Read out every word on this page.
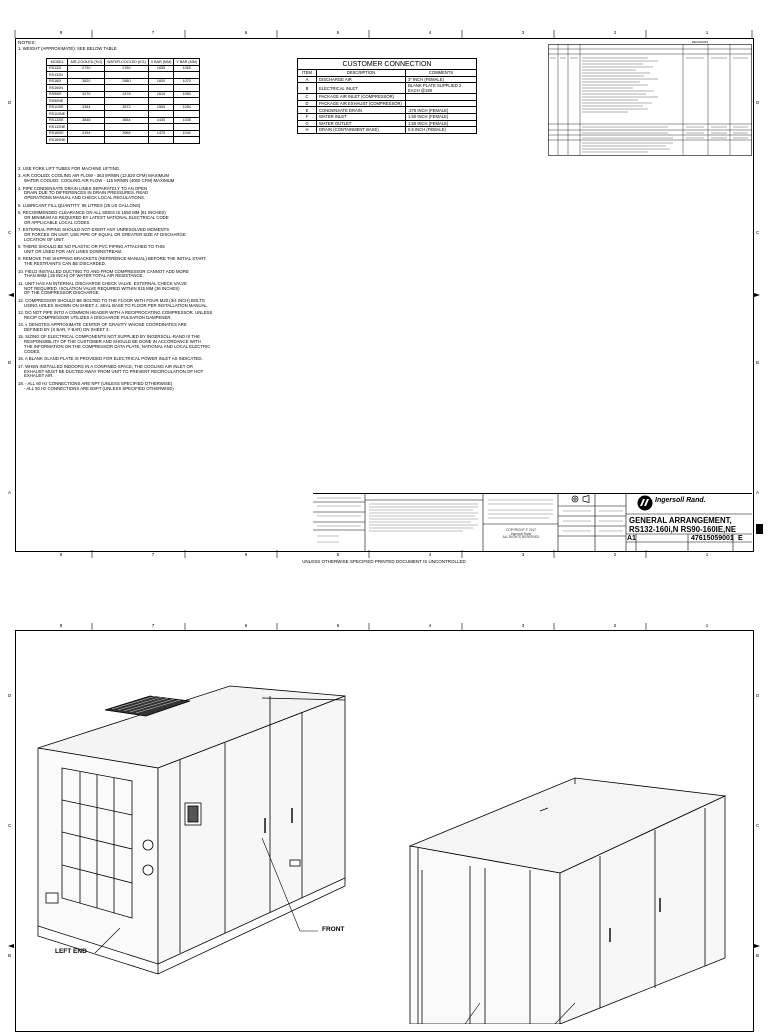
8	7	6	5	4	3	2	1
8	7	6	5	4	3	2	1
D
C
B
A
D
C
B
A
NOTES:
1. WEIGHT (APPROXIMATE): SEE BELOW TABLE
MODEL	AIR-COOLED (KG)	WATER-COOLED (KG)	X BAR (MM)	Y BAR (MM)
RS132i	2730	2780	1655	1065
RS132N				
RS160i	3820	2880	1600	1070
RS160N				
RS90IE	3270	2478	1610	1060
RS90NE				
RS110IE	3384	3572	1565	1054
RS110NE				
RS132IE	3846	3654	1430	1035
RS132NE				
RS160IE	4194	3966	1475	1040
RS160NE				
2. USE FORK LIFT TUBES FOR MACHINE LIFTING.
3. AIR COOLED: COOLING AIR FLOW - 363 M³/MIN (12,820 CFM) MAXIMUM
WATER COOLED: COOLING AIR FLOW - 115 M³/MIN (4000 CFM) MAXIMUM
4. PIPE CONDENSATE DRAIN LINES SEPARATELY TO AN OPEN
DRAIN DUE TO DIFFERENCES IN DRAIN PRESSURES. READ
OPERATIONS MANUAL AND CHECK LOCAL REGULATIONS.
5. LUBRICANT FILL QUANTITY: 95 LITRES (25 US GALLONS)
6. RECOMMENDED CLEARANCE ON ALL SIDES IS 1550 MM (61 INCHES)
OR MINIMUM AS REQUIRED BY LATEST NATIONAL ELECTRICAL CODE
OR APPLICABLE LOCAL CODES.
7. EXTERNAL PIPING SHOULD NOT EXERT ANY UNRESOLVED MOMENTS
OR FORCES ON UNIT. USE PIPE OF EQUAL OR GREATER SIZE AT DISCHARGE
LOCATION OF UNIT.
8. THERE SHOULD BE NO PLASTIC OR PVC PIPING ATTACHED TO THIS
UNIT OR USED FOR ANY LINES DOWNSTREAM.
9. REMOVE THE SHIPPING BRACKETS (REFERENCE MANUAL) BEFORE THE INITIAL START.
THE RESTRAINTS CAN BE DISCARDED.
10. FIELD INSTALLED DUCTING TO AND FROM COMPRESSOR CANNOT ADD MORE
THAN 6MM (.25 INCH) OF WATER TOTAL AIR RESISTANCE.
11. UNIT HAS AN INTERNAL DISCHARGE CHECK VALVE. EXTERNAL CHECK VALVE
NOT REQUIRED. ISOLATION VALVE REQUIRED WITHIN 915 MM (36 INCHES)
OF THE COMPRESSOR DISCHARGE.
12. COMPRESSOR SHOULD BE BOLTED TO THE FLOOR WITH FOUR M20 (3/4 INCH) BOLTS
USING HOLES SHOWN ON SHEET 4. SEAL BASE TO FLOOR PER INSTALLATION MANUAL.
13. DO NOT PIPE INTO A COMMON HEADER WITH A RECIPROCATING COMPRESSOR. UNLESS
RECIP COMPRESSOR UTILIZES A DISCHARGE PULSATION DAMPENER.
14. ◐ DENOTES APPROXIMATE CENTER OF GRAVITY WHOSE COORDINATES ARE
DEFINED BY (X BAR, Y BAR) ON SHEET 3.
15. SIZING OF ELECTRICAL COMPONENTS NOT SUPPLIED BY INGERSOLL-RAND IS THE
RESPONSIBILITY OF THE CUSTOMER AND SHOULD BE DONE IN ACCORDANCE WITH
THE INFORMATION ON THE COMPRESSOR DATA PLATE, NATIONAL AND LOCAL ELECTRIC
CODES.
16. A BLANK GLAND PLATE IS PROVIDED FOR ELECTRICAL POWER INLET AS INDICATED.
17. WHEN INSTALLED INDOORS IN A CONFINED SPACE, THE COOLING AIR INLET OR
EXHAUST MUST BE DUCTED AWAY FROM UNIT TO PREVENT RECIRCULATION OF HOT
EXHAUST AIR.
18. - ALL 60 Hz CONNECTIONS ARE NPT (UNLESS SPECIFIED OTHERWISE)
- ALL 50 Hz CONNECTIONS ARE BSPT (UNLESS SPECIFIED OTHERWISE)
CUSTOMER CONNECTION		
ITEM	DESCRIPTION	COMMENTS
A	DISCHARGE AIR	3" INCH (FEMALE)
B	ELECTRICAL INLET	BLANK PLATE SUPPLIED 2 EACH @180
C	PACKAGE AIR INLET (COMPRESSOR)	
D	PACKAGE AIR EXHAUST (COMPRESSOR)	
E	CONDENSATE DRAIN	.375 INCH (FEMALE)
F	WATER INLET	1.50 INCH (FEMALE)
G	WATER OUTLET	1.50 INCH (FEMALE)
H	DRAIN (CONTAINMENT BASE)	0.5 INCH (FEMALE)
REVISIONS
Ingersoll Rand.
GENERAL ARRANGEMENT,
RS132-160i,N RS90-160IE,NE
A1	47615059001 E
COPYRIGHT © 2017
Ingersoll Rand
ALL RIGHTS RESERVED
UNLESS OTHERWISE SPECIFIED PRINTED DOCUMENT IS UNCONTROLLED
8	7	6	5	4	3	2	1
D
C
B
D
C
B
FRONT
LEFT END
